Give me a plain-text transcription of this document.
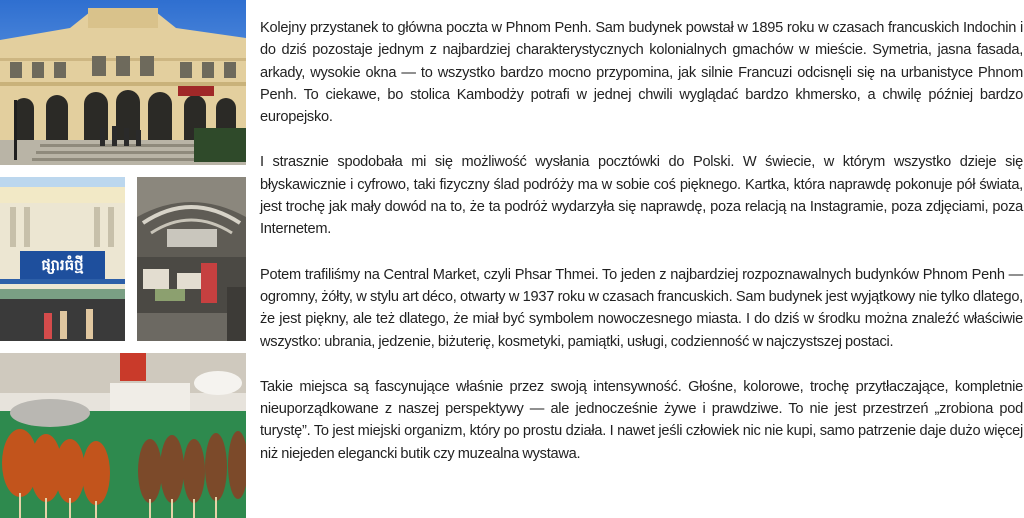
ផ្សារធំថ្មី

Kolejny przystanek to główna poczta w Phnom Penh. Sam budynek powstał w 1895 roku w czasach francuskich Indochin i do dziś pozostaje jednym z najbardziej charakterystycznych kolonialnych gmachów w mieście. Symetria, jasna fasada, arkady, wysokie okna — to wszystko bardzo mocno przypomina, jak silnie Francuzi odcisnęli się na urbanistyce Phnom Penh. To ciekawe, bo stolica Kambodży potrafi w jednej chwili wyglądać bardzo khmersko, a chwilę później bardzo europejsko.

I strasznie spodobała mi się możliwość wysłania pocztówki do Polski. W świecie, w którym wszystko dzieje się błyskawicznie i cyfrowo, taki fizyczny ślad podróży ma w sobie coś pięknego. Kartka, która naprawdę pokonuje pół świata, jest trochę jak mały dowód na to, że ta podróż wydarzyła się naprawdę, poza relacją na Instagramie, poza zdjęciami, poza Internetem.

Potem trafiliśmy na Central Market, czyli Phsar Thmei. To jeden z najbardziej rozpoznawalnych budynków Phnom Penh — ogromny, żółty, w stylu art déco, otwarty w 1937 roku w czasach francuskich. Sam budynek jest wyjątkowy nie tylko dlatego, że jest piękny, ale też dlatego, że miał być symbolem nowoczesnego miasta. I do dziś w środku można znaleźć właściwie wszystko: ubrania, jedzenie, biżuterię, kosmetyki, pamiątki, usługi, codzienność w najczystszej postaci.

Takie miejsca są fascynujące właśnie przez swoją intensywność. Głośne, kolorowe, trochę przytłaczające, kompletnie nieuporządkowane z naszej perspektywy — ale jednocześnie żywe i prawdziwe. To nie jest przestrzeń „zrobiona pod turystę”. To jest miejski organizm, który po prostu działa. I nawet jeśli człowiek nic nie kupi, samo patrzenie daje dużo więcej niż niejeden elegancki butik czy muzealna wystawa.
